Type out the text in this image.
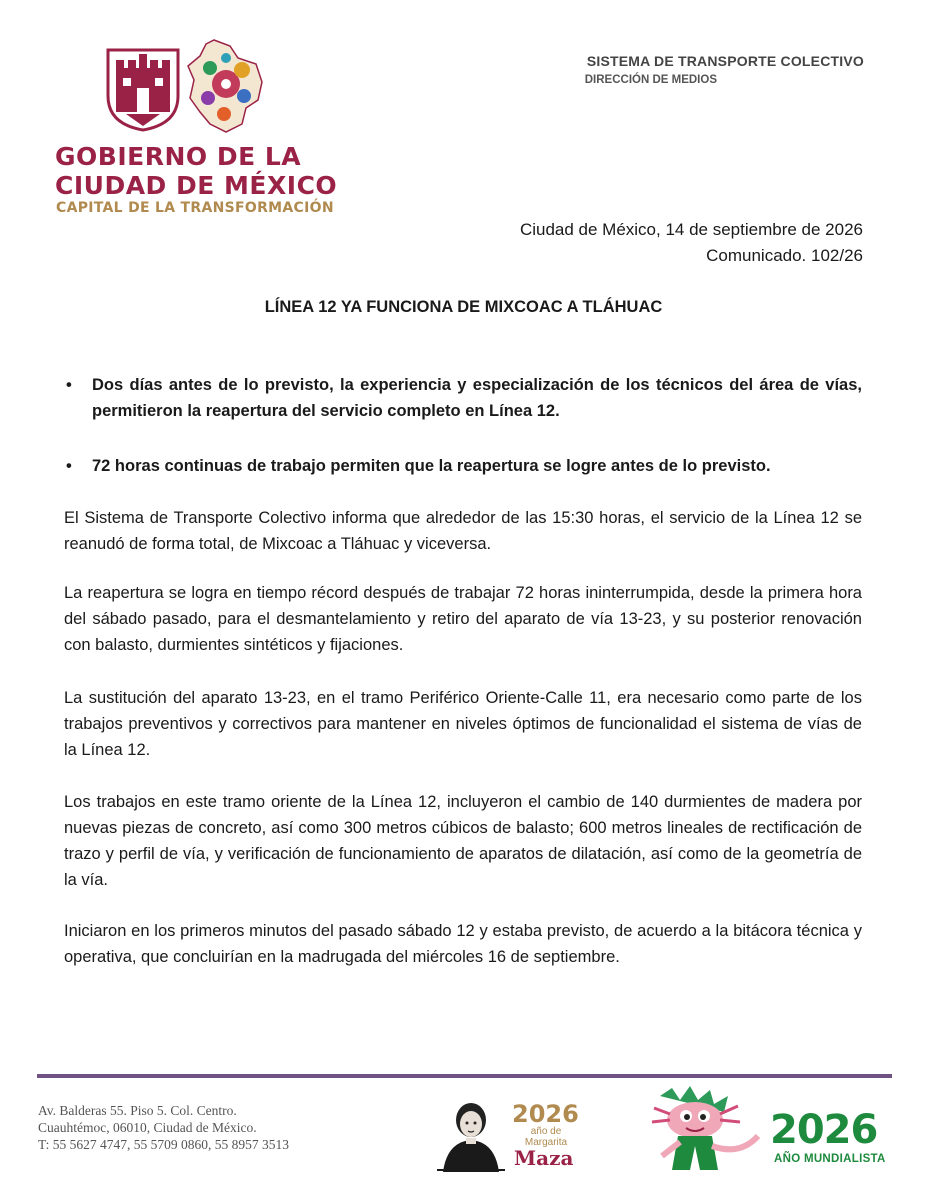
GOBIERNO DE LA
CIUDAD DE MÉXICO
CAPITAL DE LA TRANSFORMACIÓN
SISTEMA DE TRANSPORTE COLECTIVO
DIRECCIÓN DE MEDIOS
Ciudad de México, 14 de septiembre de 2026
Comunicado. 102/26
LÍNEA 12 YA FUNCIONA DE MIXCOAC A TLÁHUAC
• Dos días antes de lo previsto, la experiencia y especialización de los técnicos del área de vías, permitieron la reapertura del servicio completo en Línea 12.
• 72 horas continuas de trabajo permiten que la reapertura se logre antes de lo previsto.
El Sistema de Transporte Colectivo informa que alrededor de las 15:30 horas, el servicio de la Línea 12 se reanudó de forma total, de Mixcoac a Tláhuac y viceversa.
La reapertura se logra en tiempo récord después de trabajar 72 horas ininterrumpida, desde la primera hora del sábado pasado, para el desmantelamiento y retiro del aparato de vía 13-23, y su posterior renovación con balasto, durmientes sintéticos y fijaciones.
La sustitución del aparato 13-23, en el tramo Periférico Oriente-Calle 11, era necesario como parte de los trabajos preventivos y correctivos para mantener en niveles óptimos de funcionalidad el sistema de vías de la Línea 12.
Los trabajos en este tramo oriente de la Línea 12, incluyeron el cambio de 140 durmientes de madera por nuevas piezas de concreto, así como 300 metros cúbicos de balasto; 600 metros lineales de rectificación de trazo y perfil de vía, y verificación de funcionamiento de aparatos de dilatación, así como de la geometría de la vía.
Iniciaron en los primeros minutos del pasado sábado 12 y estaba previsto, de acuerdo a la bitácora técnica y operativa, que concluirían en la madrugada del miércoles 16 de septiembre.
Av. Balderas 55. Piso 5. Col. Centro.
Cuauhtémoc, 06010, Ciudad de México.
T: 55 5627 4747, 55 5709 0860, 55 8957 3513
2026
año de
Margarita
Maza
2026
AÑO MUNDIALISTA
